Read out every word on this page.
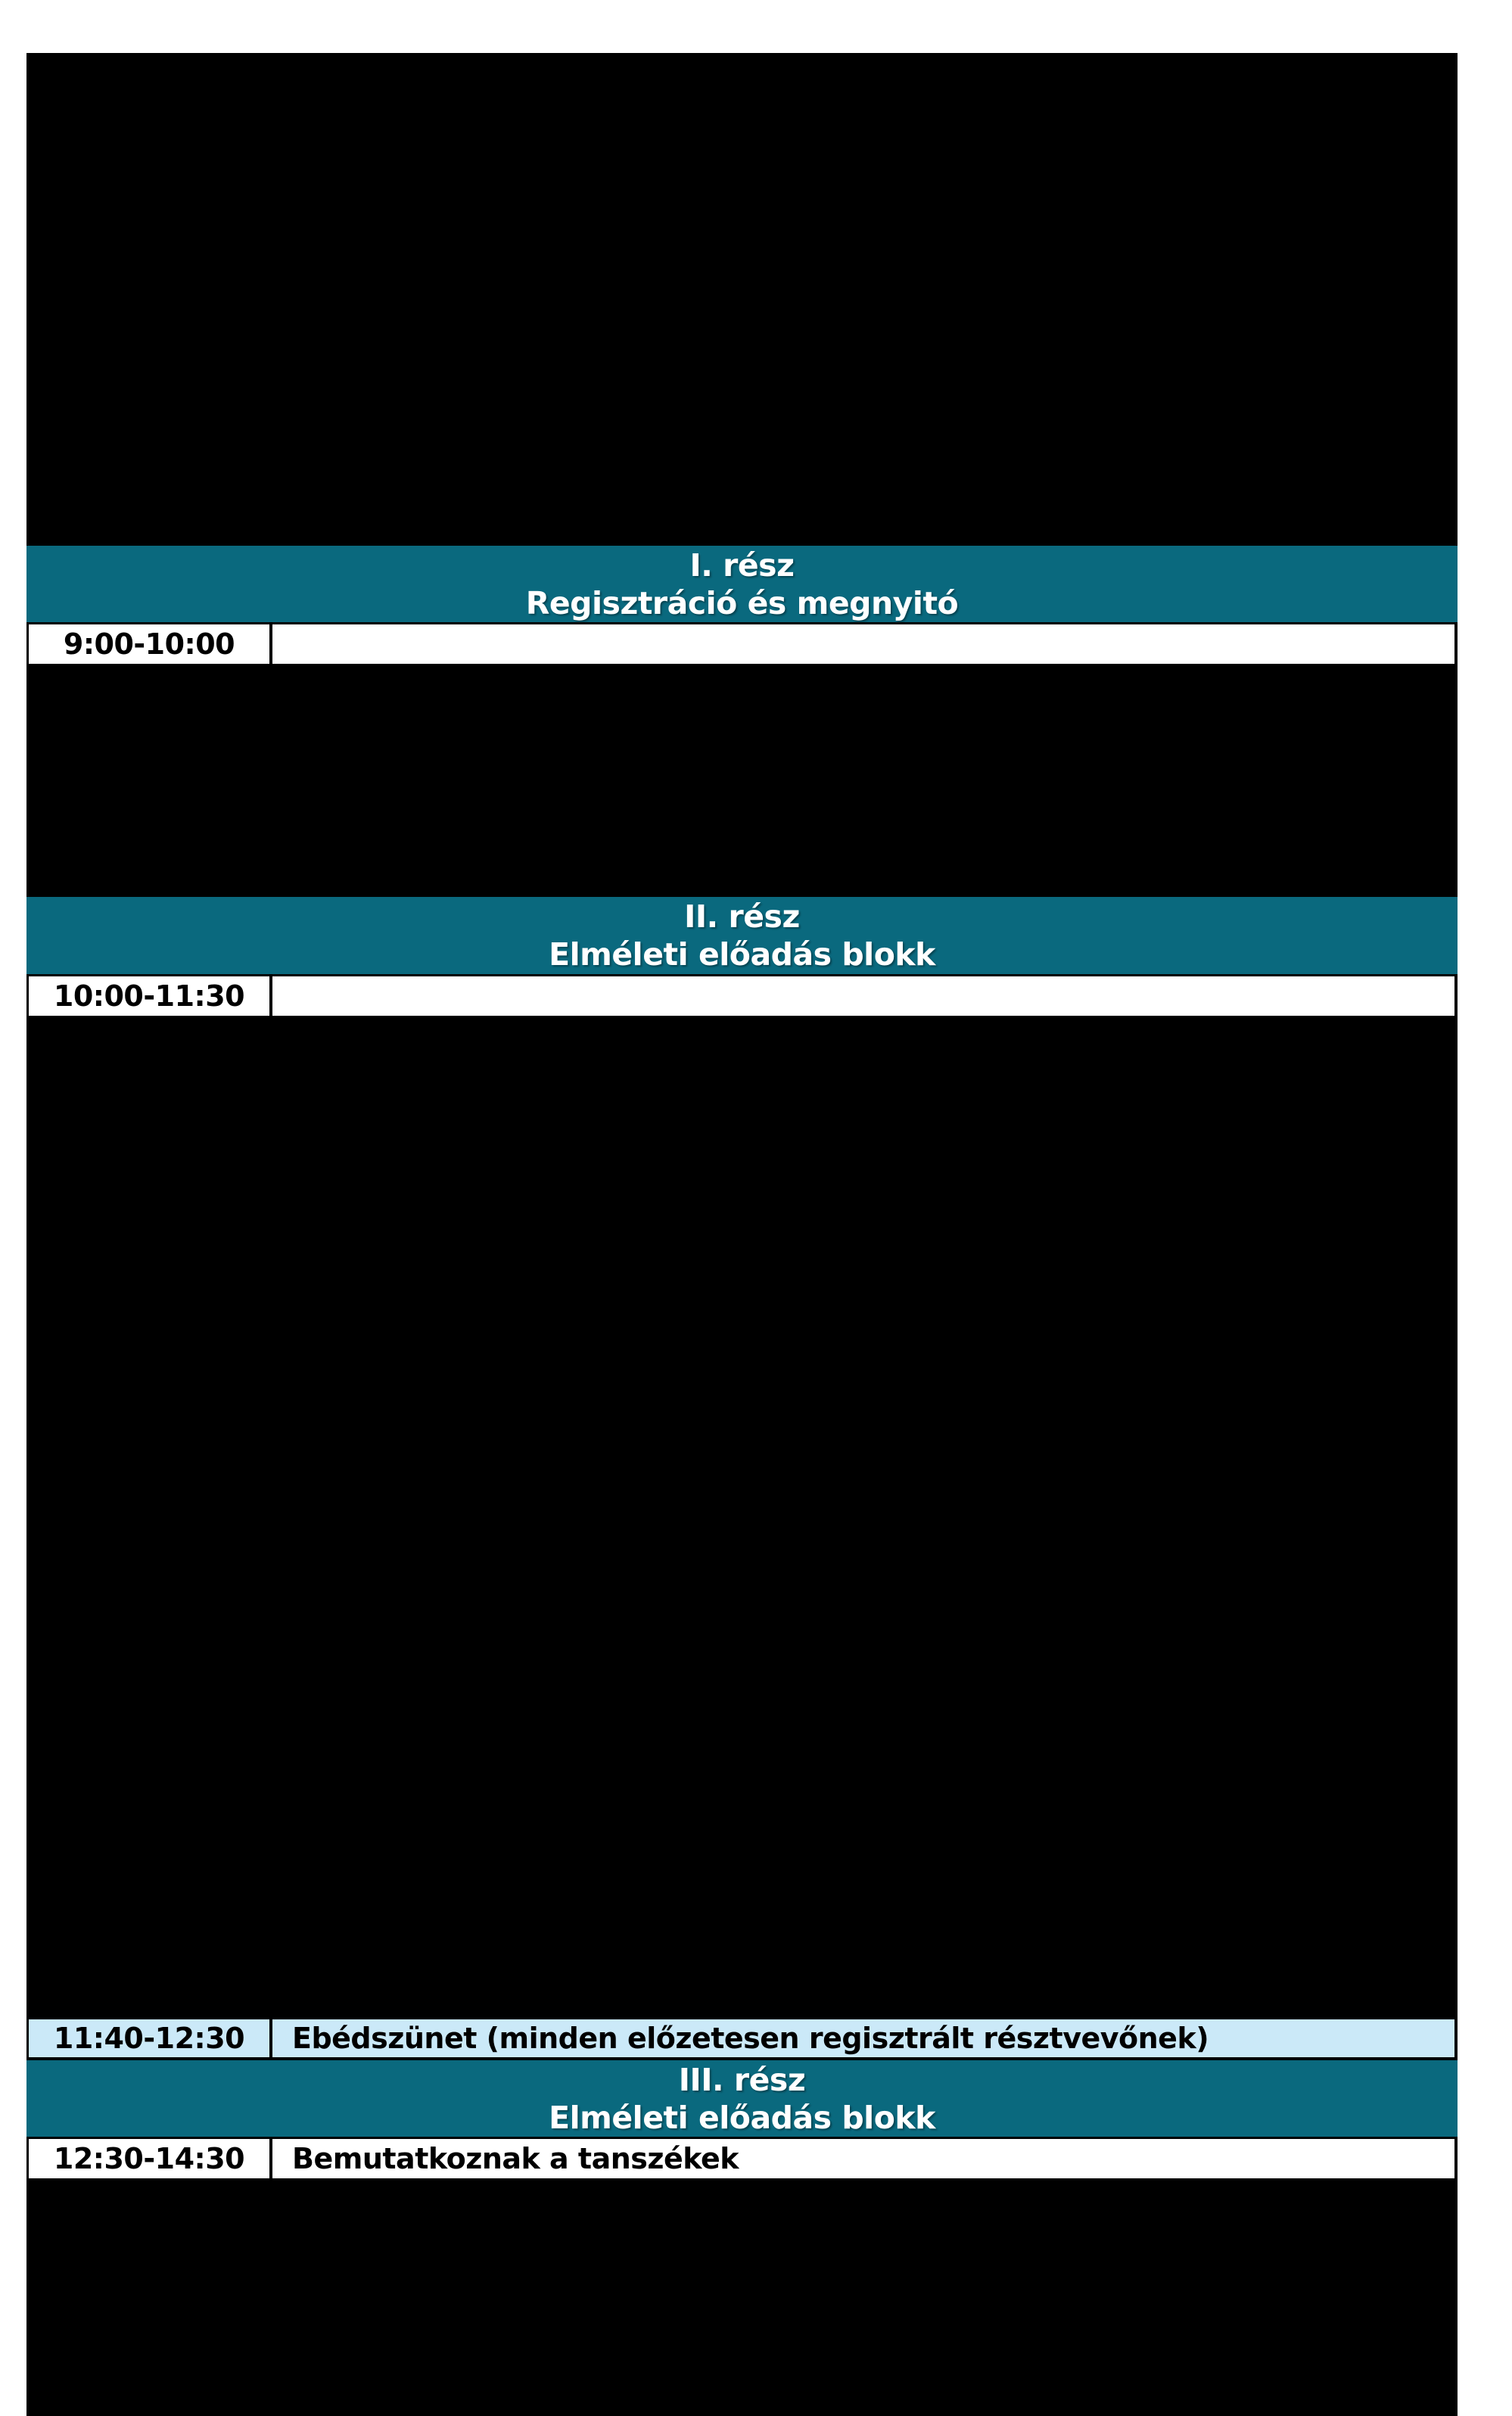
I. rész
Regisztráció és megnyitó
9:00-10:00
II. rész
Elméleti előadás blokk
10:00-11:30
11:40-12:30 Ebédszünet (minden előzetesen regisztrált résztvevőnek)
III. rész
Elméleti előadás blokk
12:30-14:30 Bemutatkoznak a tanszékek
